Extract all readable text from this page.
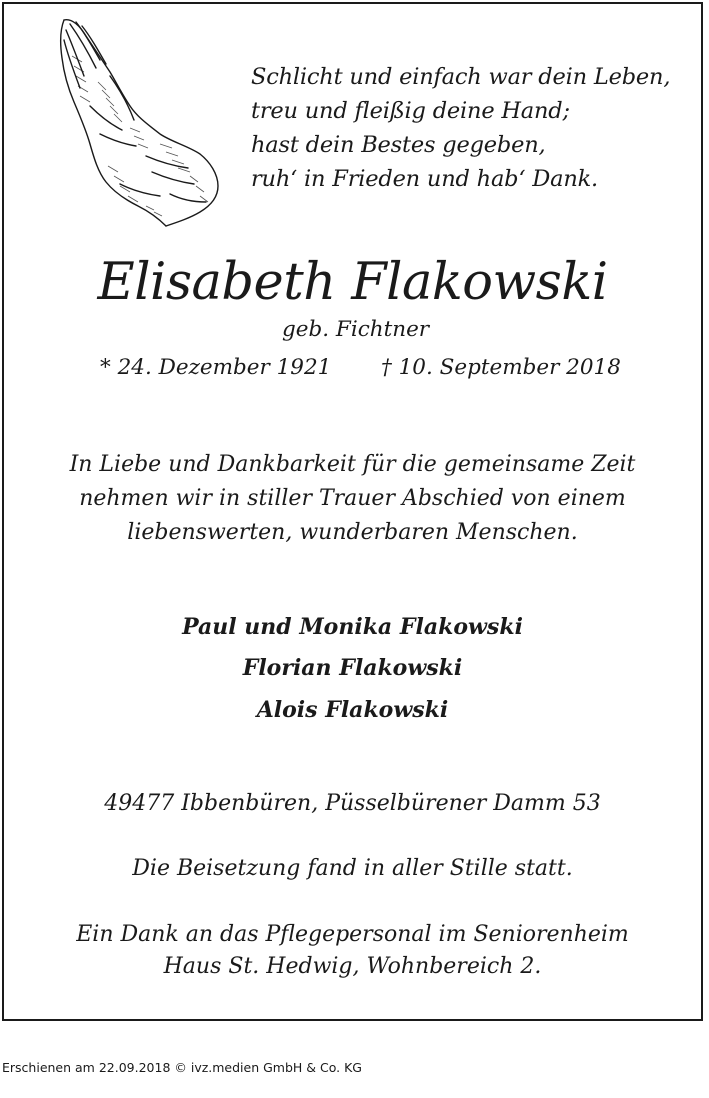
Schlicht und einfach war dein Leben,
treu und fleißig deine Hand;
hast dein Bestes gegeben,
ruh‘ in Frieden und hab‘ Dank.
Elisabeth Flakowski
geb. Fichtner
* 24. Dezember 1921 † 10. September 2018
In Liebe und Dankbarkeit für die gemeinsame Zeit
nehmen wir in stiller Trauer Abschied von einem
liebenswerten, wunderbaren Menschen.
Paul und Monika Flakowski
Florian Flakowski
Alois Flakowski
49477 Ibbenbüren, Püsselbürener Damm 53
Die Beisetzung fand in aller Stille statt.
Ein Dank an das Pflegepersonal im Seniorenheim
Haus St. Hedwig, Wohnbereich 2.
Erschienen am 22.09.2018 © ivz.medien GmbH & Co. KG
